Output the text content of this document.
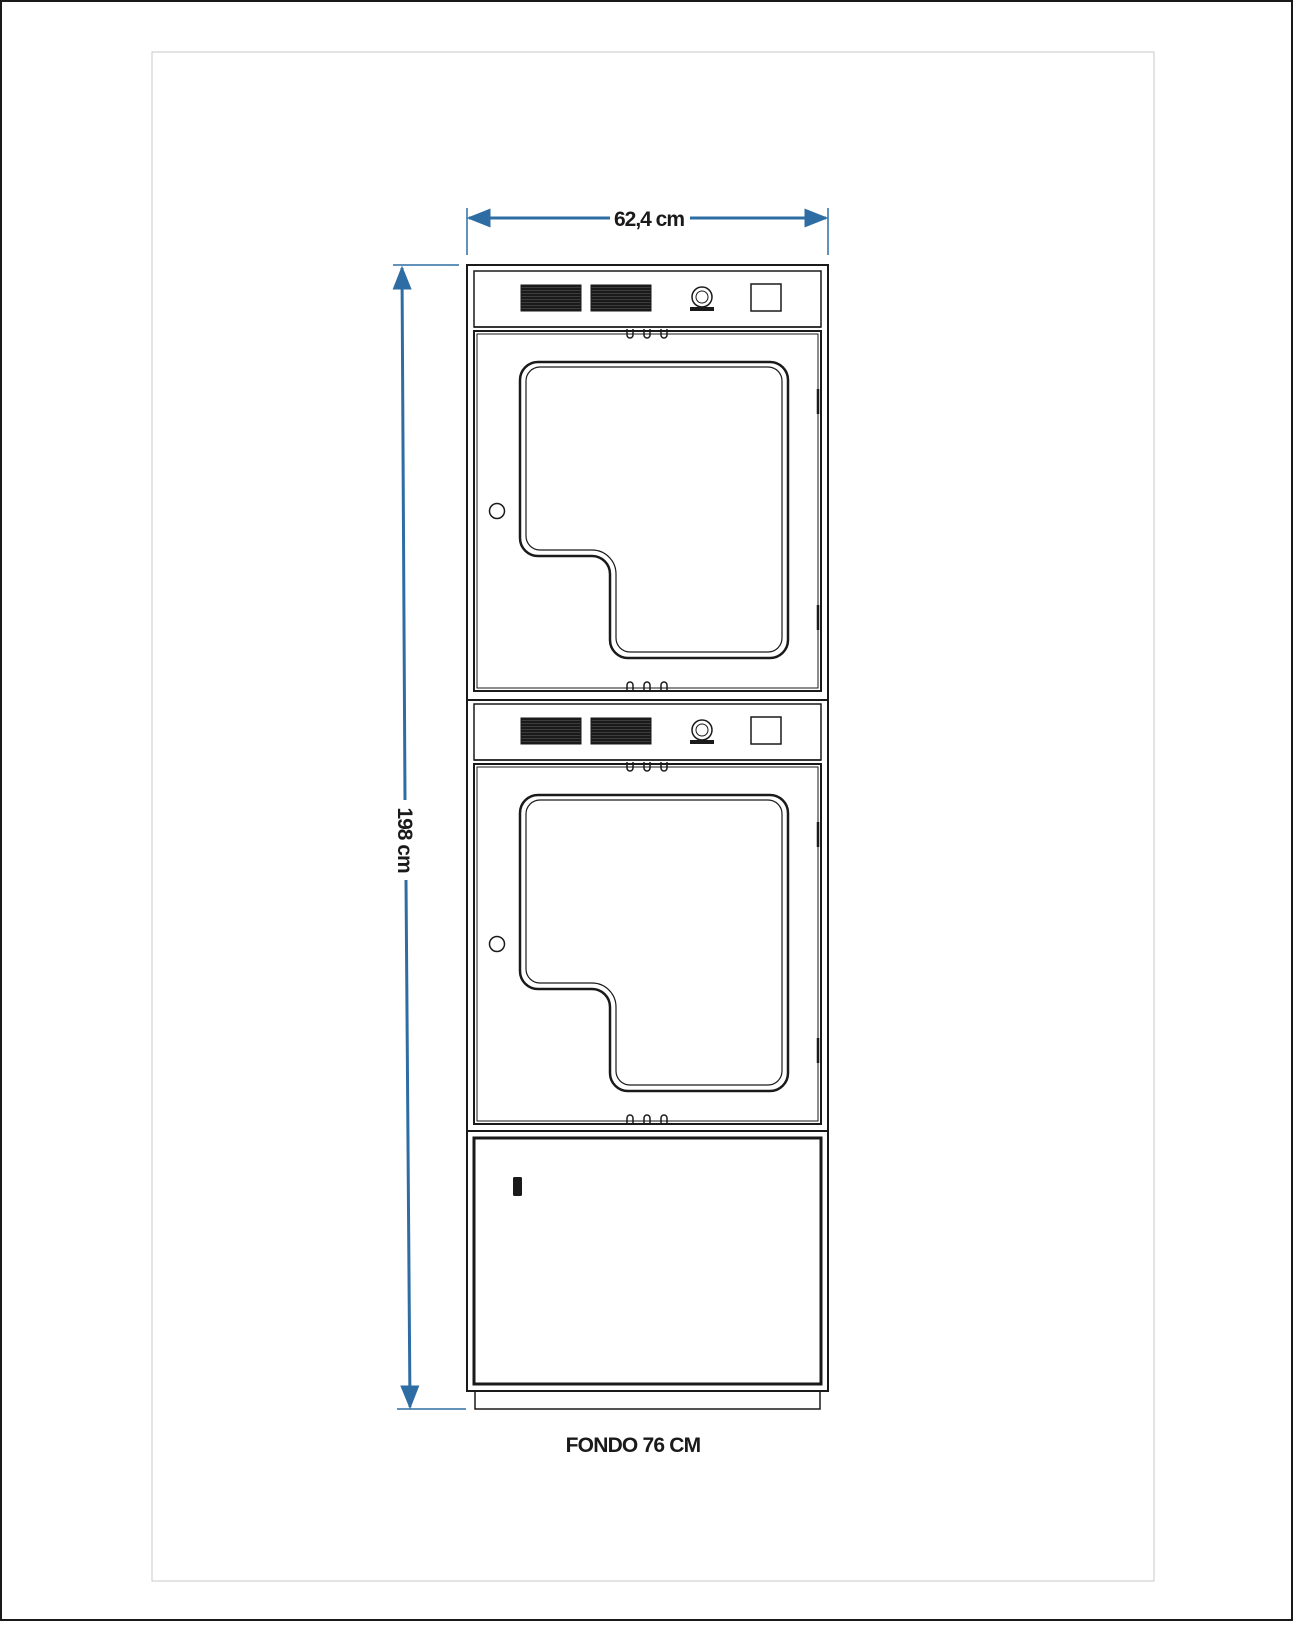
62,4 cm
198 cm
FONDO 76 CM
